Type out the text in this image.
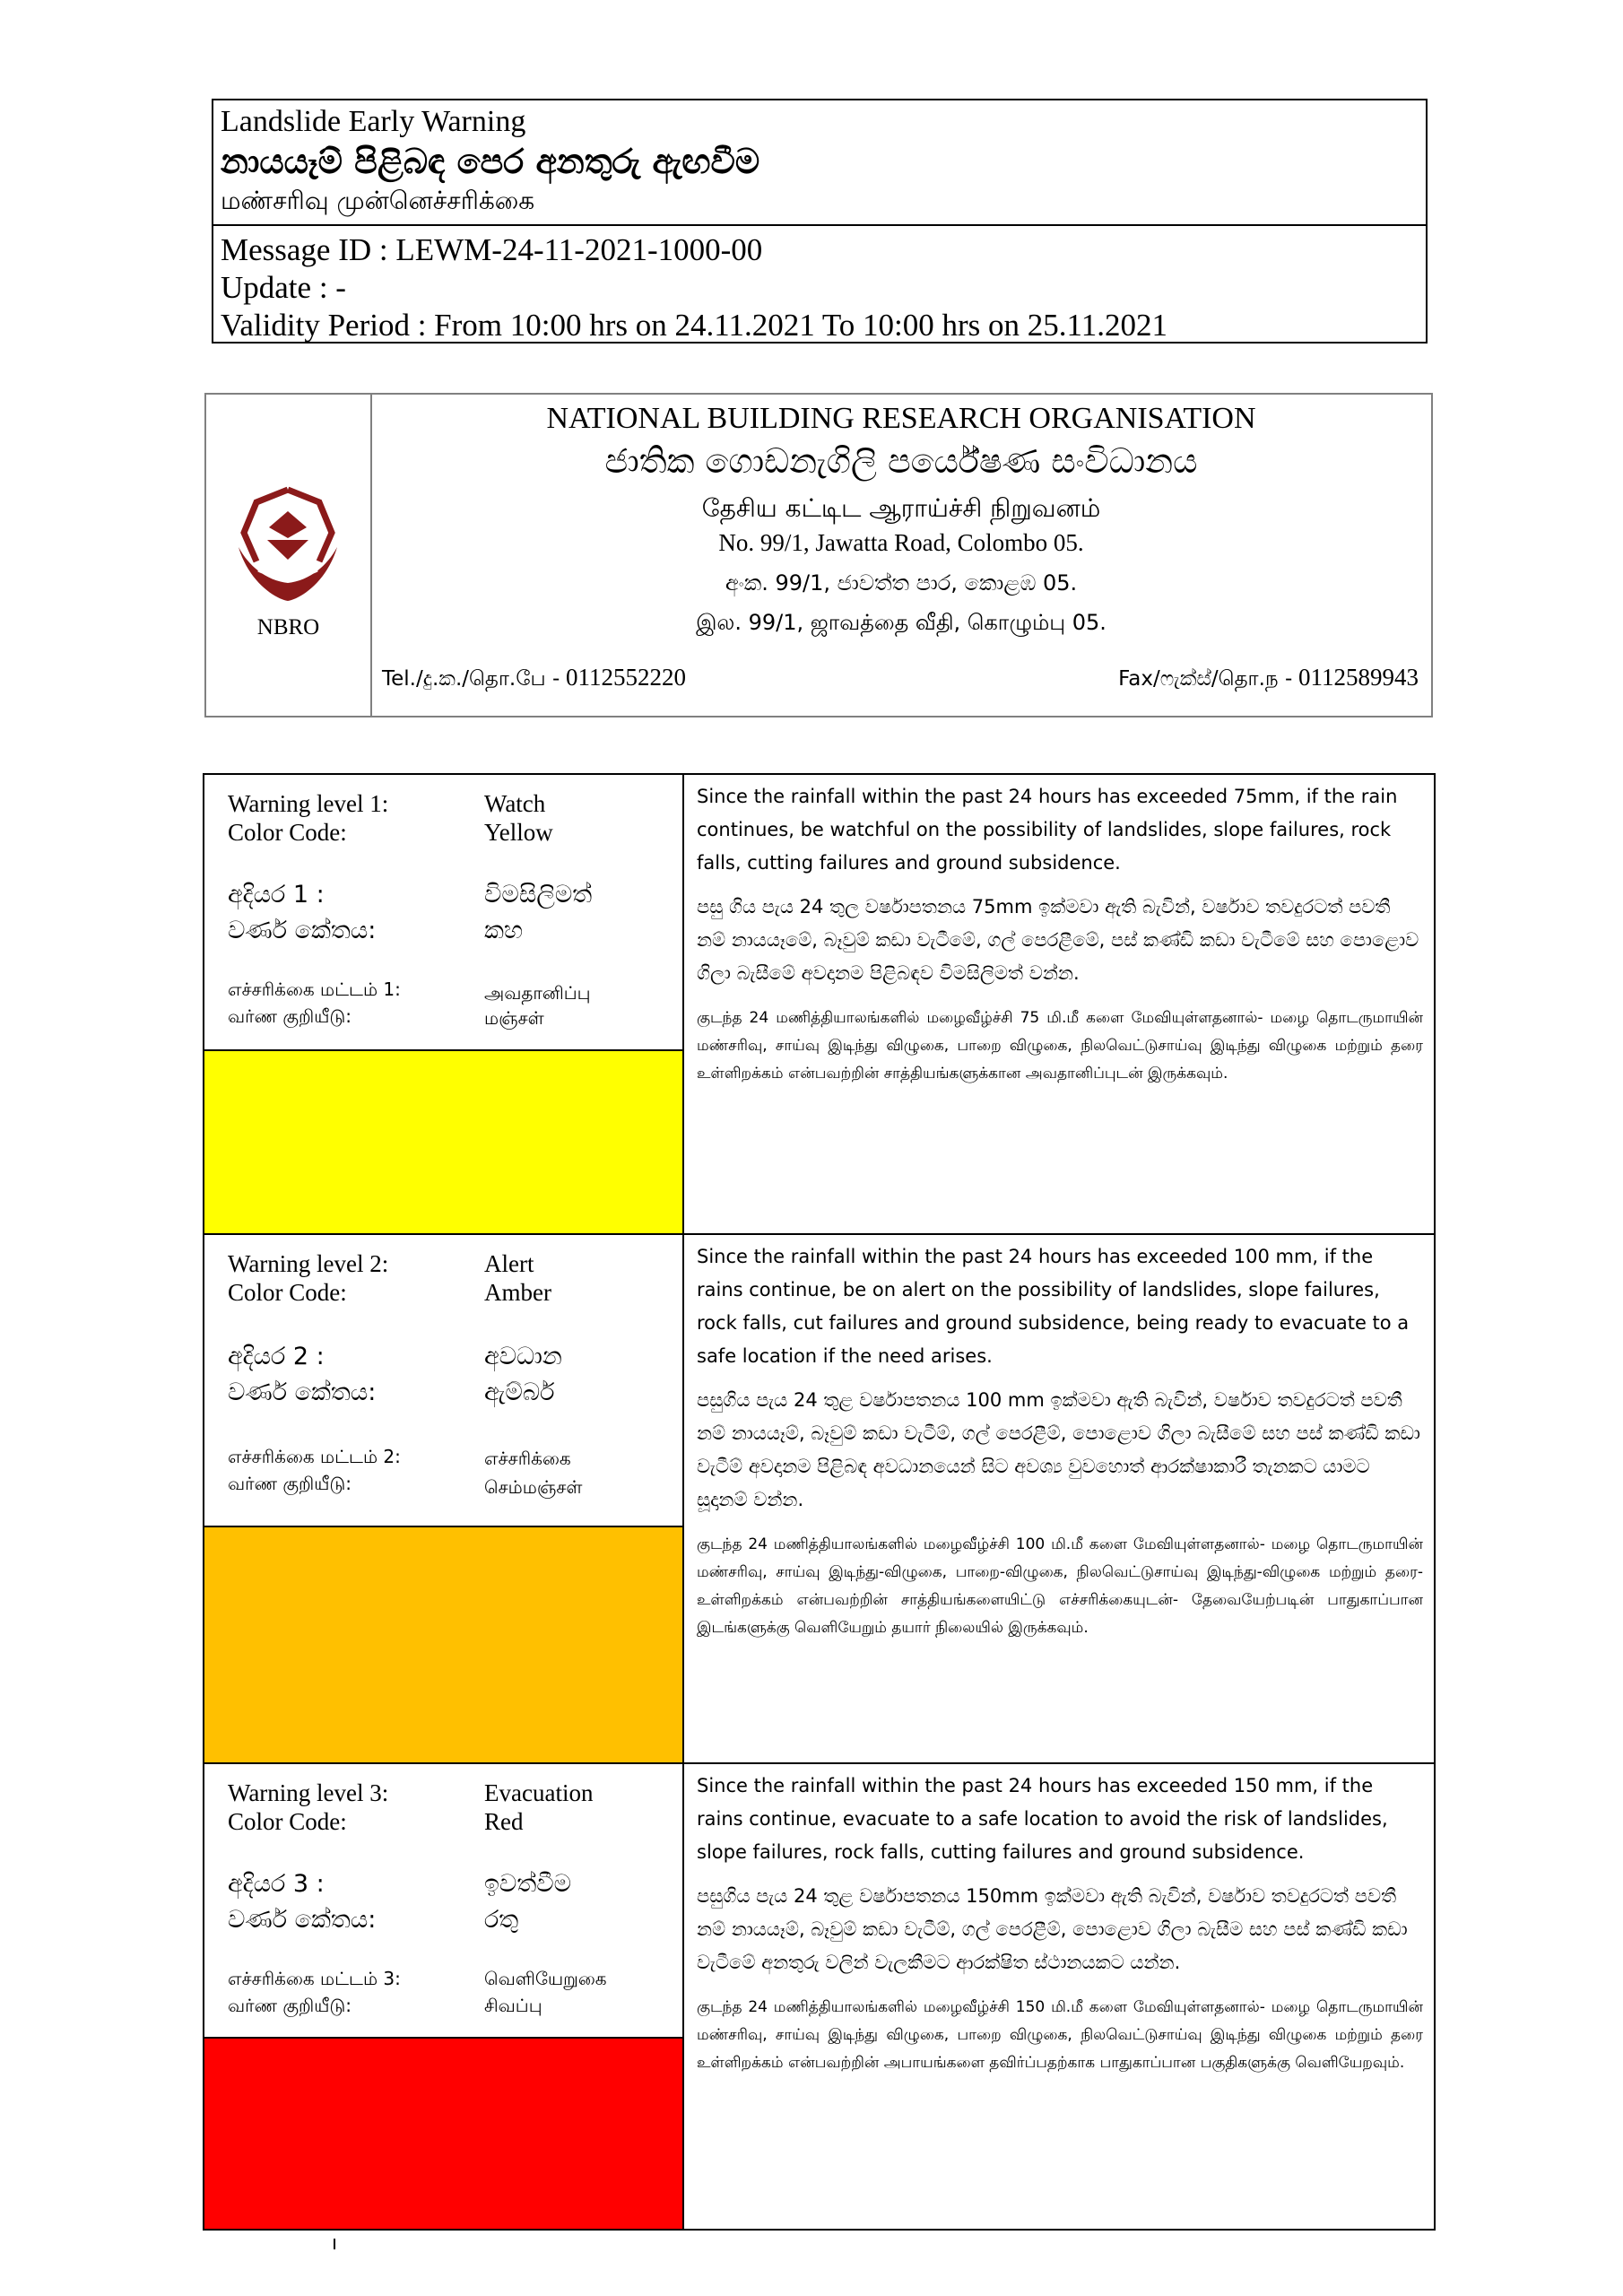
Landslide Early Warning
නායයෑම් පිළිබඳ පෙර අනතුරු ඇඟවීම
மண்சரிவு முன்னெச்சரிக்கை
Message ID : LEWM-24-11-2021-1000-00
Update : -
Validity Period : From 10:00 hrs on 24.11.2021 To 10:00 hrs on 25.11.2021
NBRO
NATIONAL BUILDING RESEARCH ORGANISATION
ජාතික ගොඩනැගිලි පර්යේෂණ සංවිධානය
தேசிய கட்டிட ஆராய்ச்சி நிறுவனம்
No. 99/1, Jawatta Road, Colombo 05.
අංක. 99/1, ජාවත්ත පාර, කොළඹ 05.
இல. 99/1, ஜாவத்தை வீதி, கொழும்பு 05.
Tel./දු.ක./தொ.பே - 0112552220	Fax/ෆැක්ස්/தொ.ந - 0112589943
Warning level 1:
Color Code:
Watch
Yellow
අදියර 1 :
වර්ණ කේතය:
විමසිලිමත්
කහ
எச்சரிக்கை மட்டம் 1:
வர்ண குறியீடு:
அவதானிப்பு
மஞ்சள்

Since the rainfall within the past 24 hours has exceeded 75mm, if the rain continues, be watchful on the possibility of landslides, slope failures, rock falls, cutting failures and ground subsidence.

පසු ගිය පැය 24 තුල වර්ෂාපතනය 75mm ඉක්මවා ඇති බැවින්, වර්ෂාව තවදුරටත් පවතී නම් නායයෑමේ, බෑවුම් කඩා වැටීමේ, ගල් පෙරළීමේ, පස් කණ්ඩි කඩා වැටීමේ සහ පොළොව ගිලා බැසීමේ අවදානම පිළිබඳව විමසිලිමත් වන්න.

குடந்த 24 மணித்தியாலங்களில் மழைவீழ்ச்சி 75 மி.மீ களை மேவியுள்ளதனால்- மழை தொடருமாயின் மண்சரிவு, சாய்வு இடிந்து விழுகை, பாறை விழுகை, நிலவெட்டுசாய்வு இடிந்து விழுகை மற்றும் தரை உள்ளிறக்கம் என்பவற்றின் சாத்தியங்களுக்கான அவதானிப்புடன் இருக்கவும்.

Warning level 2:
Color Code:
Alert
Amber
අදියර 2 :
වර්ණ කේතය:
අවධාන
ඇම්බර්
எச்சரிக்கை மட்டம் 2:
வர்ண குறியீடு:
எச்சரிக்கை
செம்மஞ்சள்

Since the rainfall within the past 24 hours has exceeded 100 mm, if the rains continue, be on alert on the possibility of landslides, slope failures, rock falls, cut failures and ground subsidence, being ready to evacuate to a safe location if the need arises.

පසුගිය පැය 24 තුළ වර්ෂාපතනය 100 mm ඉක්මවා ඇති බැවින්, වර්ෂාව තවදුරටත් පවතී නම් නායයෑම්, බෑවුම් කඩා වැටීම්, ගල් පෙරළීම්, පොළොව ගිලා බැසීමේ සහ පස් කණ්ඩි කඩා වැටීම් අවදානම පිළිබඳ අවධානයෙන් සිට අවශ්‍ය වුවහොත් ආරක්ෂාකාරී තැනකට යාමට සූදානම් වන්න.

குடந்த 24 மணித்தியாலங்களில் மழைவீழ்ச்சி 100 மி.மீ களை மேவியுள்ளதனால்- மழை தொடருமாயின் மண்சரிவு, சாய்வு இடிந்து-விழுகை, பாறை-விழுகை, நிலவெட்டுசாய்வு இடிந்து-விழுகை மற்றும் தரை-உள்ளிறக்கம் என்பவற்றின் சாத்தியங்களையிட்டு எச்சரிக்கையுடன்- தேவையேற்படின் பாதுகாப்பான இடங்களுக்கு வெளியேறும் தயார் நிலையில் இருக்கவும்.

Warning level 3:
Color Code:
Evacuation
Red
අදියර 3 :
වර්ණ කේතය:
ඉවත්වීම
රතු
எச்சரிக்கை மட்டம் 3:
வர்ண குறியீடு:
வெளியேறுகை
சிவப்பு

Since the rainfall within the past 24 hours has exceeded 150 mm, if the rains continue, evacuate to a safe location to avoid the risk of landslides, slope failures, rock falls, cutting failures and ground subsidence.

පසුගිය පැය 24 තුළ වර්ෂාපතනය 150mm ඉක්මවා ඇති බැවින්, වර්ෂාව තවදුරටත් පවතී නම් නායයෑම්, බෑවුම් කඩා වැටීම්, ගල් පෙරළීම්, පොළොව ගිලා බැසීම සහ පස් කණ්ඩි කඩා වැටීමේ අනතුරු වලින් වැලකීමට ආරක්ෂිත ස්ථානයකට යන්න.

குடந்த 24 மணித்தியாலங்களில் மழைவீழ்ச்சி 150 மி.மீ களை மேவியுள்ளதனால்- மழை தொடருமாயின் மண்சரிவு, சாய்வு இடிந்து விழுகை, பாறை விழுகை, நிலவெட்டுசாய்வு இடிந்து விழுகை மற்றும் தரை உள்ளிறக்கம் என்பவற்றின் அபாயங்களை தவிர்ப்பதற்காக பாதுகாப்பான பகுதிகளுக்கு வெளியேறவும்.
